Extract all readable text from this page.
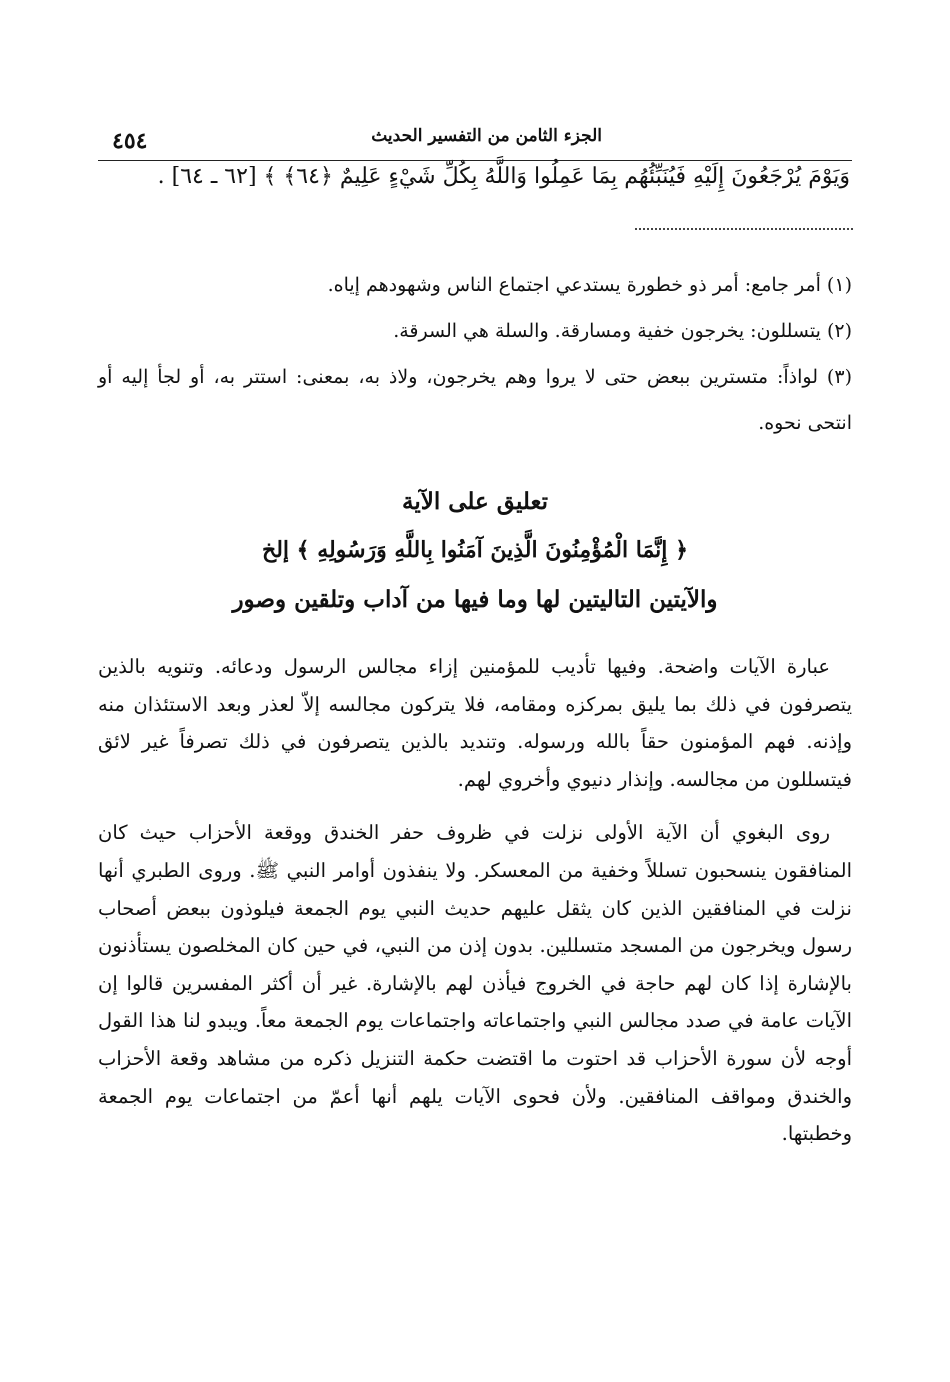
الجزء الثامن من التفسير الحديث
٤٥٤
وَيَوْمَ يُرْجَعُونَ إِلَيْهِ فَيُنَبِّئُهُم بِمَا عَمِلُوا وَاللَّهُ بِكُلِّ شَيْءٍ عَلِيمٌ ﴿٦٤﴾ ﴾ [٦٢ ـ ٦٤] .

(١) أمر جامع: أمر ذو خطورة يستدعي اجتماع الناس وشهودهم إياه.

(٢) يتسللون: يخرجون خفية ومسارقة. والسلة هي السرقة.

(٣) لواذاً: متسترين ببعض حتى لا يروا وهم يخرجون، ولاذ به، بمعنى: استتر به، أو لجأ إليه أو انتحى نحوه.

تعليق على الآية
﴿ إِنَّمَا الْمُؤْمِنُونَ الَّذِينَ آمَنُوا بِاللَّهِ وَرَسُولِهِ ﴾ إلخ
والآيتين التاليتين لها وما فيها من آداب وتلقين وصور

عبارة الآيات واضحة. وفيها تأديب للمؤمنين إزاء مجالس الرسول ودعائه. وتنويه بالذين يتصرفون في ذلك بما يليق بمركزه ومقامه، فلا يتركون مجالسه إلاّ لعذر وبعد الاستئذان منه وإذنه. فهم المؤمنون حقاً بالله ورسوله. وتنديد بالذين يتصرفون في ذلك تصرفاً غير لائق فيتسللون من مجالسه. وإنذار دنيوي وأخروي لهم.

روى البغوي أن الآية الأولى نزلت في ظروف حفر الخندق ووقعة الأحزاب حيث كان المنافقون ينسحبون تسللاً وخفية من المعسكر. ولا ينفذون أوامر النبي ﷺ. وروى الطبري أنها نزلت في المنافقين الذين كان يثقل عليهم حديث النبي يوم الجمعة فيلوذون ببعض أصحاب رسول ويخرجون من المسجد متسللين. بدون إذن من النبي، في حين كان المخلصون يستأذنون بالإشارة إذا كان لهم حاجة في الخروج فيأذن لهم بالإشارة. غير أن أكثر المفسرين قالوا إن الآيات عامة في صدد مجالس النبي واجتماعاته واجتماعات يوم الجمعة معاً. ويبدو لنا هذا القول أوجه لأن سورة الأحزاب قد احتوت ما اقتضت حكمة التنزيل ذكره من مشاهد وقعة الأحزاب والخندق ومواقف المنافقين. ولأن فحوى الآيات يلهم أنها أعمّ من اجتماعات يوم الجمعة وخطبتها.
